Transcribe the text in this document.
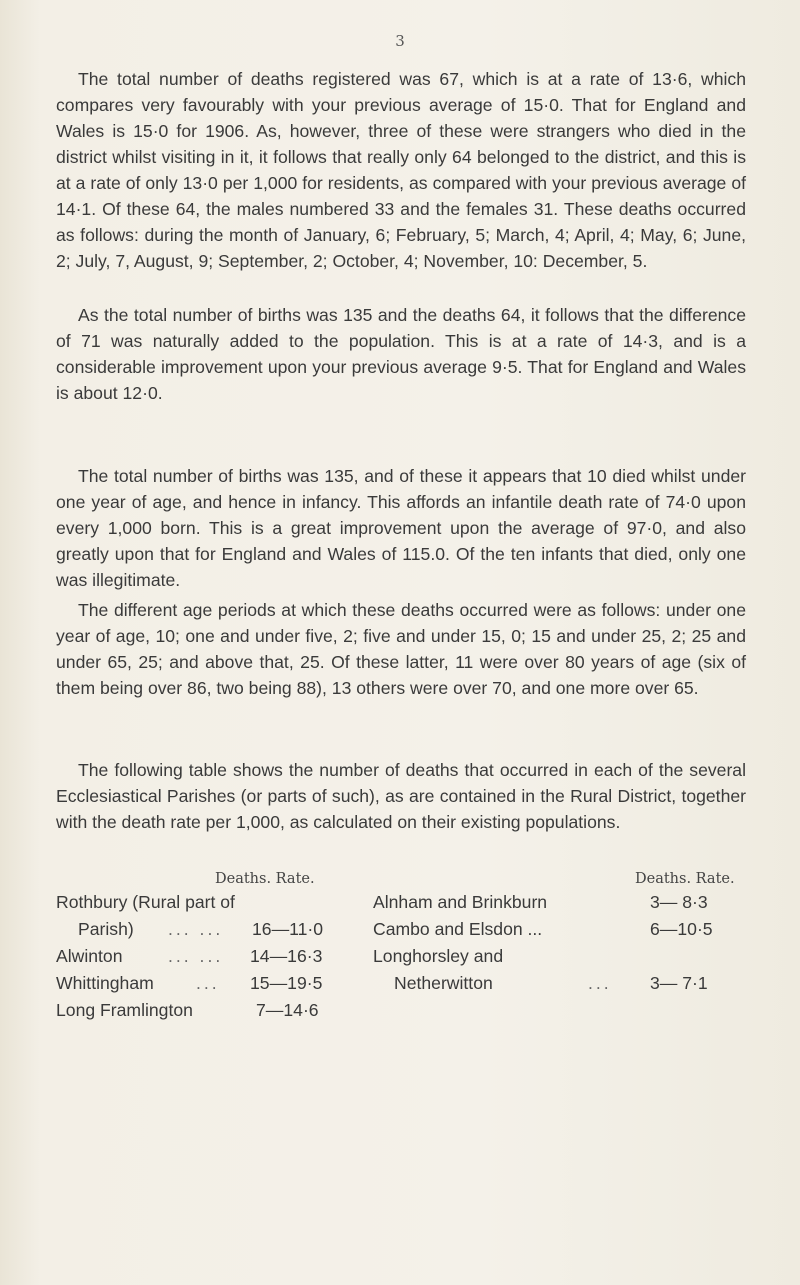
3

The total number of deaths registered was 67, which is at a rate of 13·6, which compares very favourably with your previous average of 15·0. That for England and Wales is 15·0 for 1906. As, however, three of these were strangers who died in the district whilst visiting in it, it follows that really only 64 belonged to the district, and this is at a rate of only 13·0 per 1,000 for residents, as compared with your previous average of 14·1. Of these 64, the males numbered 33 and the females 31. These deaths occurred as follows: during the month of January, 6; February, 5; March, 4; April, 4; May, 6; June, 2; July, 7, August, 9; September, 2; October, 4; November, 10: December, 5.

As the total number of births was 135 and the deaths 64, it follows that the difference of 71 was naturally added to the population. This is at a rate of 14·3, and is a considerable improvement upon your previous average 9·5. That for England and Wales is about 12·0.

The total number of births was 135, and of these it appears that 10 died whilst under one year of age, and hence in infancy. This affords an infantile death rate of 74·0 upon every 1,000 born. This is a great improvement upon the average of 97·0, and also greatly upon that for England and Wales of 115.0. Of the ten infants that died, only one was illegitimate.

The different age periods at which these deaths occurred were as follows: under one year of age, 10; one and under five, 2; five and under 15, 0; 15 and under 25, 2; 25 and under 65, 25; and above that, 25. Of these latter, 11 were over 80 years of age (six of them being over 86, two being 88), 13 others were over 70, and one more over 65.

The following table shows the number of deaths that occurred in each of the several Ecclesiastical Parishes (or parts of such), as are contained in the Rural District, together with the death rate per 1,000, as calculated on their existing populations.

Deaths. Rate.
Rothbury (Rural part of
Parish) ... ... 16—11·0
Alwinton	... ... 14—16·3
Whittingham ... 15—19·5
Long Framlington	7—14·6
Deaths. Rate.
Alnham and Brinkburn	3— 8·3
Cambo and Elsdon ...	6—10·5
Longhorsley and
Netherwitton	... 3— 7·1
